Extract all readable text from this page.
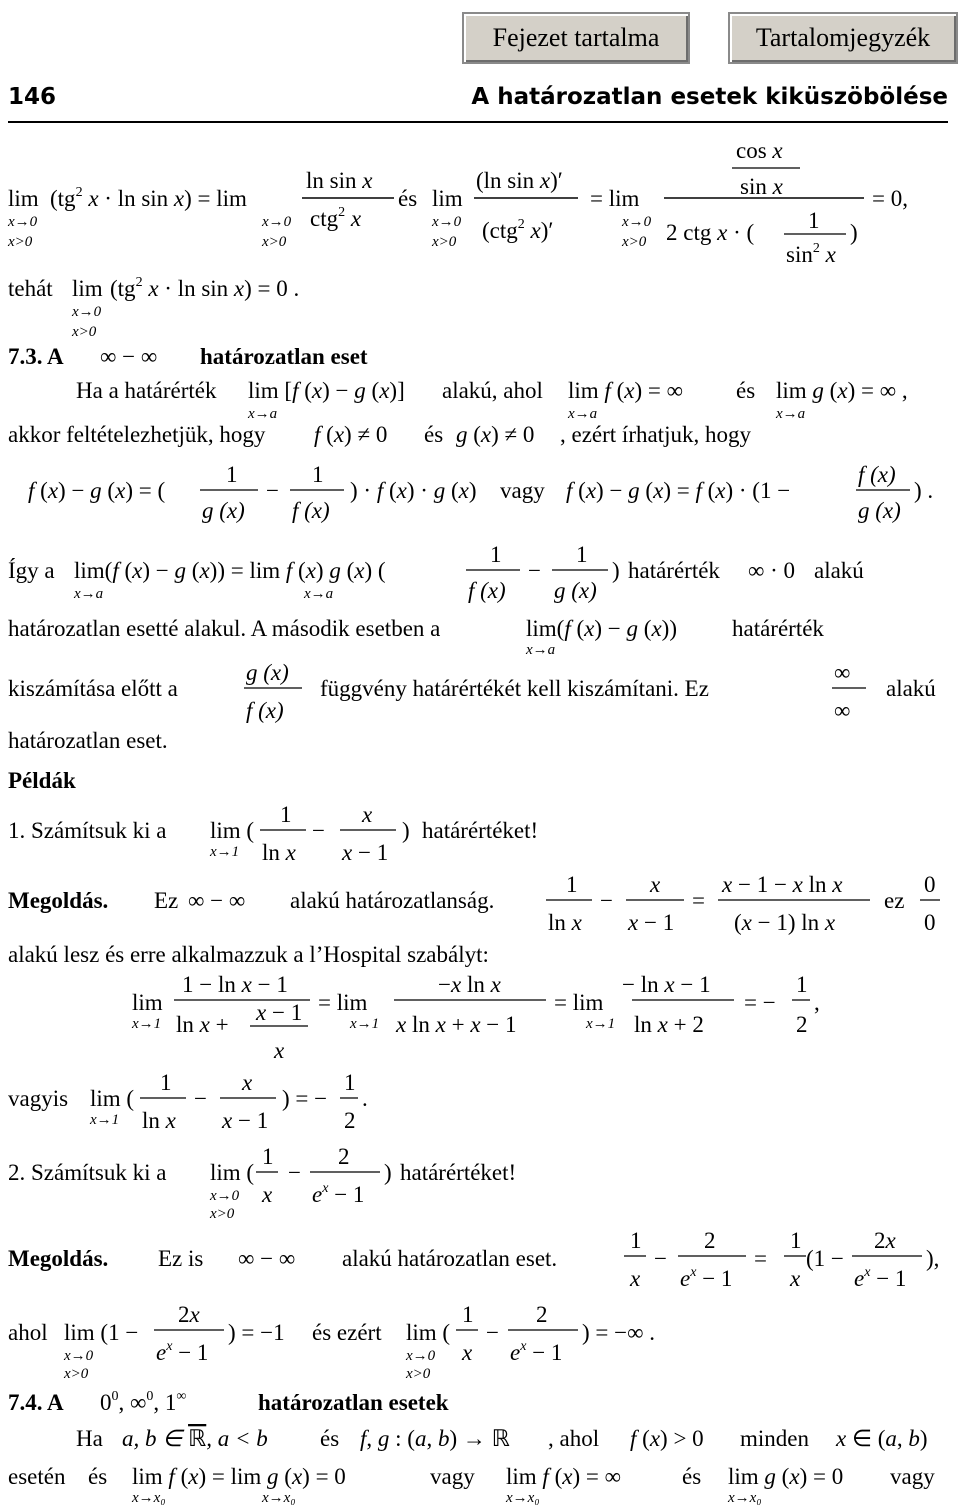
Fejezet tartalma	Tartalomjegyzék
146	A határozatlan esetek kiküszöbölése
lim
x→0
x>0
($tg^2$ x · ln sin x) = lim
x→0
x>0
ln sin x
ctg$^2$ x
és lim
x→0
x>0
(ln sin x)′
(ctg$^2$ x)′
= lim
x→0
x>0
cos x
sin x
2 ctg x · ( 1
$\sin^2 x$
)
= 0,
tehát lim
x→0
x>0
($tg^2$ x · ln sin x) = 0 .
7.3. A ∞ − ∞ határozatlan eset
Ha a határérték lim [f (x) − g (x)]
x→a
alakú, ahol lim f (x) = ∞
x→a
és lim g (x) = ∞ ,
x→a
akkor feltételezhetjük, hogy f (x) ≠ 0 és g (x) ≠ 0 , ezért írhatjuk, hogy
f (x) − g (x) = (
1
g (x)
−
1
f (x)
) · f (x) · g (x) vagy f (x) − g (x) = f (x) · (1 −
f (x)
g (x)
) .
Így a lim(f (x) − g (x)) = lim f (x) g (x) (
x→a	x→a
1
f (x)
−
1
g (x)
) határérték ∞ · 0 alakú
határozatlan esetté alakul. A második esetben a	lim(f (x) − g (x))
x→a
határérték
kiszámítása előtt a
g (x)
f (x)
függvény határértékét kell kiszámítani. Ez
∞
∞
alakú
határozatlan eset.
Példák
1. Számítsuk ki a lim (
x→1
1
ln x
−
x
x − 1
) határértéket!
Megoldás. Ez ∞ − ∞ alakú határozatlanság.
1
ln x
−
x
x − 1
=
x − 1 − x ln x
(x − 1) ln x
ez
0
0
alakú lesz és erre alkalmazzuk a l’Hospital szabályt:
lim
x→1
1 − ln x − 1
ln x + x − 1
x
= lim
x→1
−x ln x
x ln x + x − 1
= lim
x→1
− ln x − 1
ln x + 2
= −
1
2
,
vagyis lim (
x→1
1
ln x
−
x
x − 1
) = −
1
2
.
2. Számítsuk ki a lim (
x→0
x>0
1
x
−
2
$e^x - 1$
) határértéket!
Megoldás. Ez is ∞ − ∞ alakú határozatlan eset.
1
x
−
2
$e^x - 1$
=
1
x
(1 −
2x
$e^x - 1$
),
ahol lim (1 −
x→0
x>0
2x
$e^x - 1$
) = −1 és ezért lim (
x→0
x>0
1
x
−
2
$e^x - 1$
) = −∞ .
7.4. A $0^0$, ∞$^0$, 1∞	határozatlan esetek
Ha a, b ∈ ℝ, a < b és f, g : (a, b) → ℝ , ahol f (x) > 0 minden x ∈ (a, b)
esetén és lim f (x) = lim g (x) = 0
x→x₀	x→x₀
vagy lim f (x) = ∞
x→x₀
és lim g (x) = 0
x→x₀
vagy
